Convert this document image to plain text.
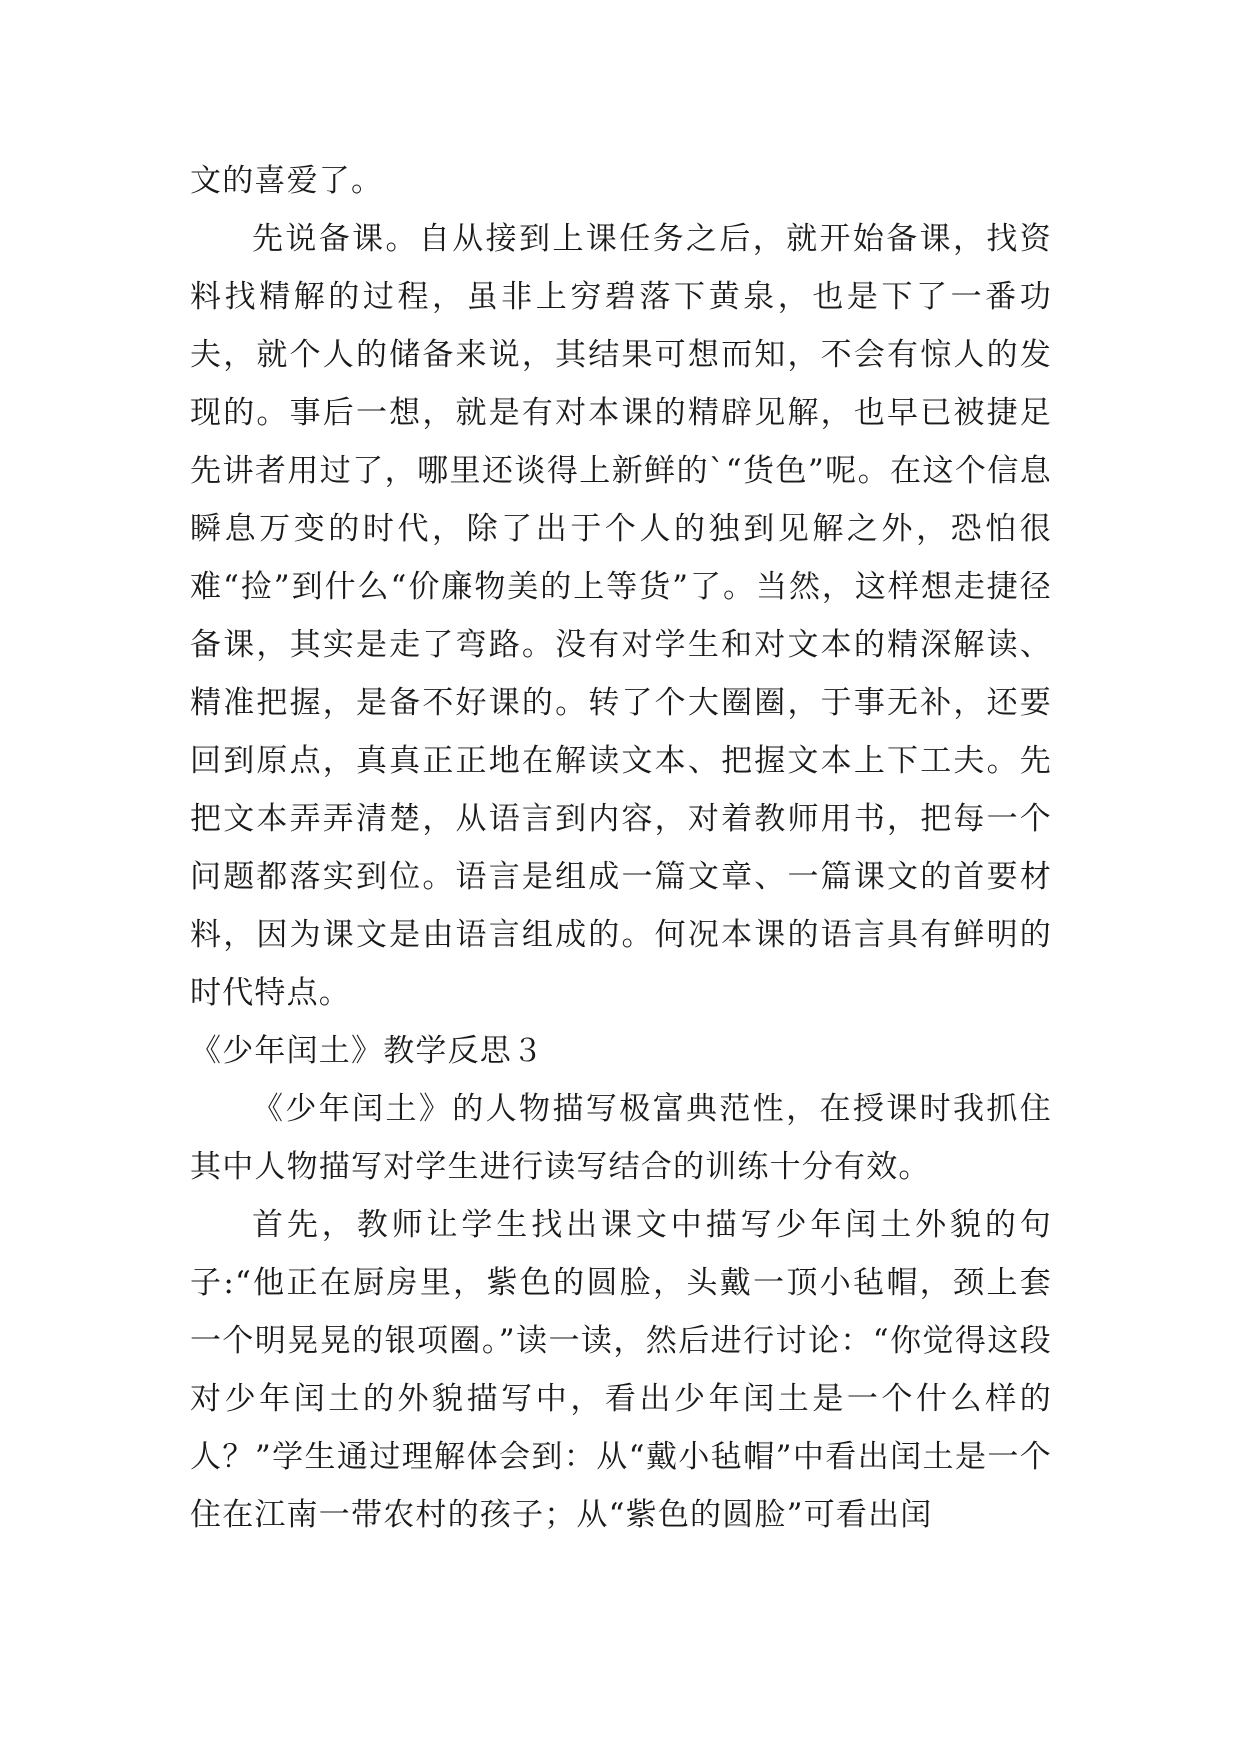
文的喜爱了。

先说备课。自从接到上课任务之后，就开始备课，找资料找精解的过程，虽非上穷碧落下黄泉，也是下了一番功夫，就个人的储备来说，其结果可想而知，不会有惊人的发现的。事后一想，就是有对本课的精辟见解，也早已被捷足先讲者用过了，哪里还谈得上新鲜的`“货色”呢。在这个信息瞬息万变的时代，除了出于个人的独到见解之外，恐怕很难“捡”到什么“价廉物美的上等货”了。当然，这样想走捷径备课，其实是走了弯路。没有对学生和对文本的精深解读、精准把握，是备不好课的。转了个大圈圈，于事无补，还要回到原点，真真正正地在解读文本、把握文本上下工夫。先把文本弄弄清楚，从语言到内容，对着教师用书，把每一个问题都落实到位。语言是组成一篇文章、一篇课文的首要材料，因为课文是由语言组成的。何况本课的语言具有鲜明的时代特点。

《少年闰土》教学反思３

《少年闰土》的人物描写极富典范性，在授课时我抓住其中人物描写对学生进行读写结合的训练十分有效。

首先，教师让学生找出课文中描写少年闰土外貌的句子:“他正在厨房里，紫色的圆脸，头戴一顶小毡帽，颈上套一个明晃晃的银项圈。”读一读，然后进行讨论：“你觉得这段对少年闰土的外貌描写中，看出少年闰土是一个什么样的人？”学生通过理解体会到：从“戴小毡帽”中看出闰土是一个住在江南一带农村的孩子；从“紫色的圆脸”可看出闰
